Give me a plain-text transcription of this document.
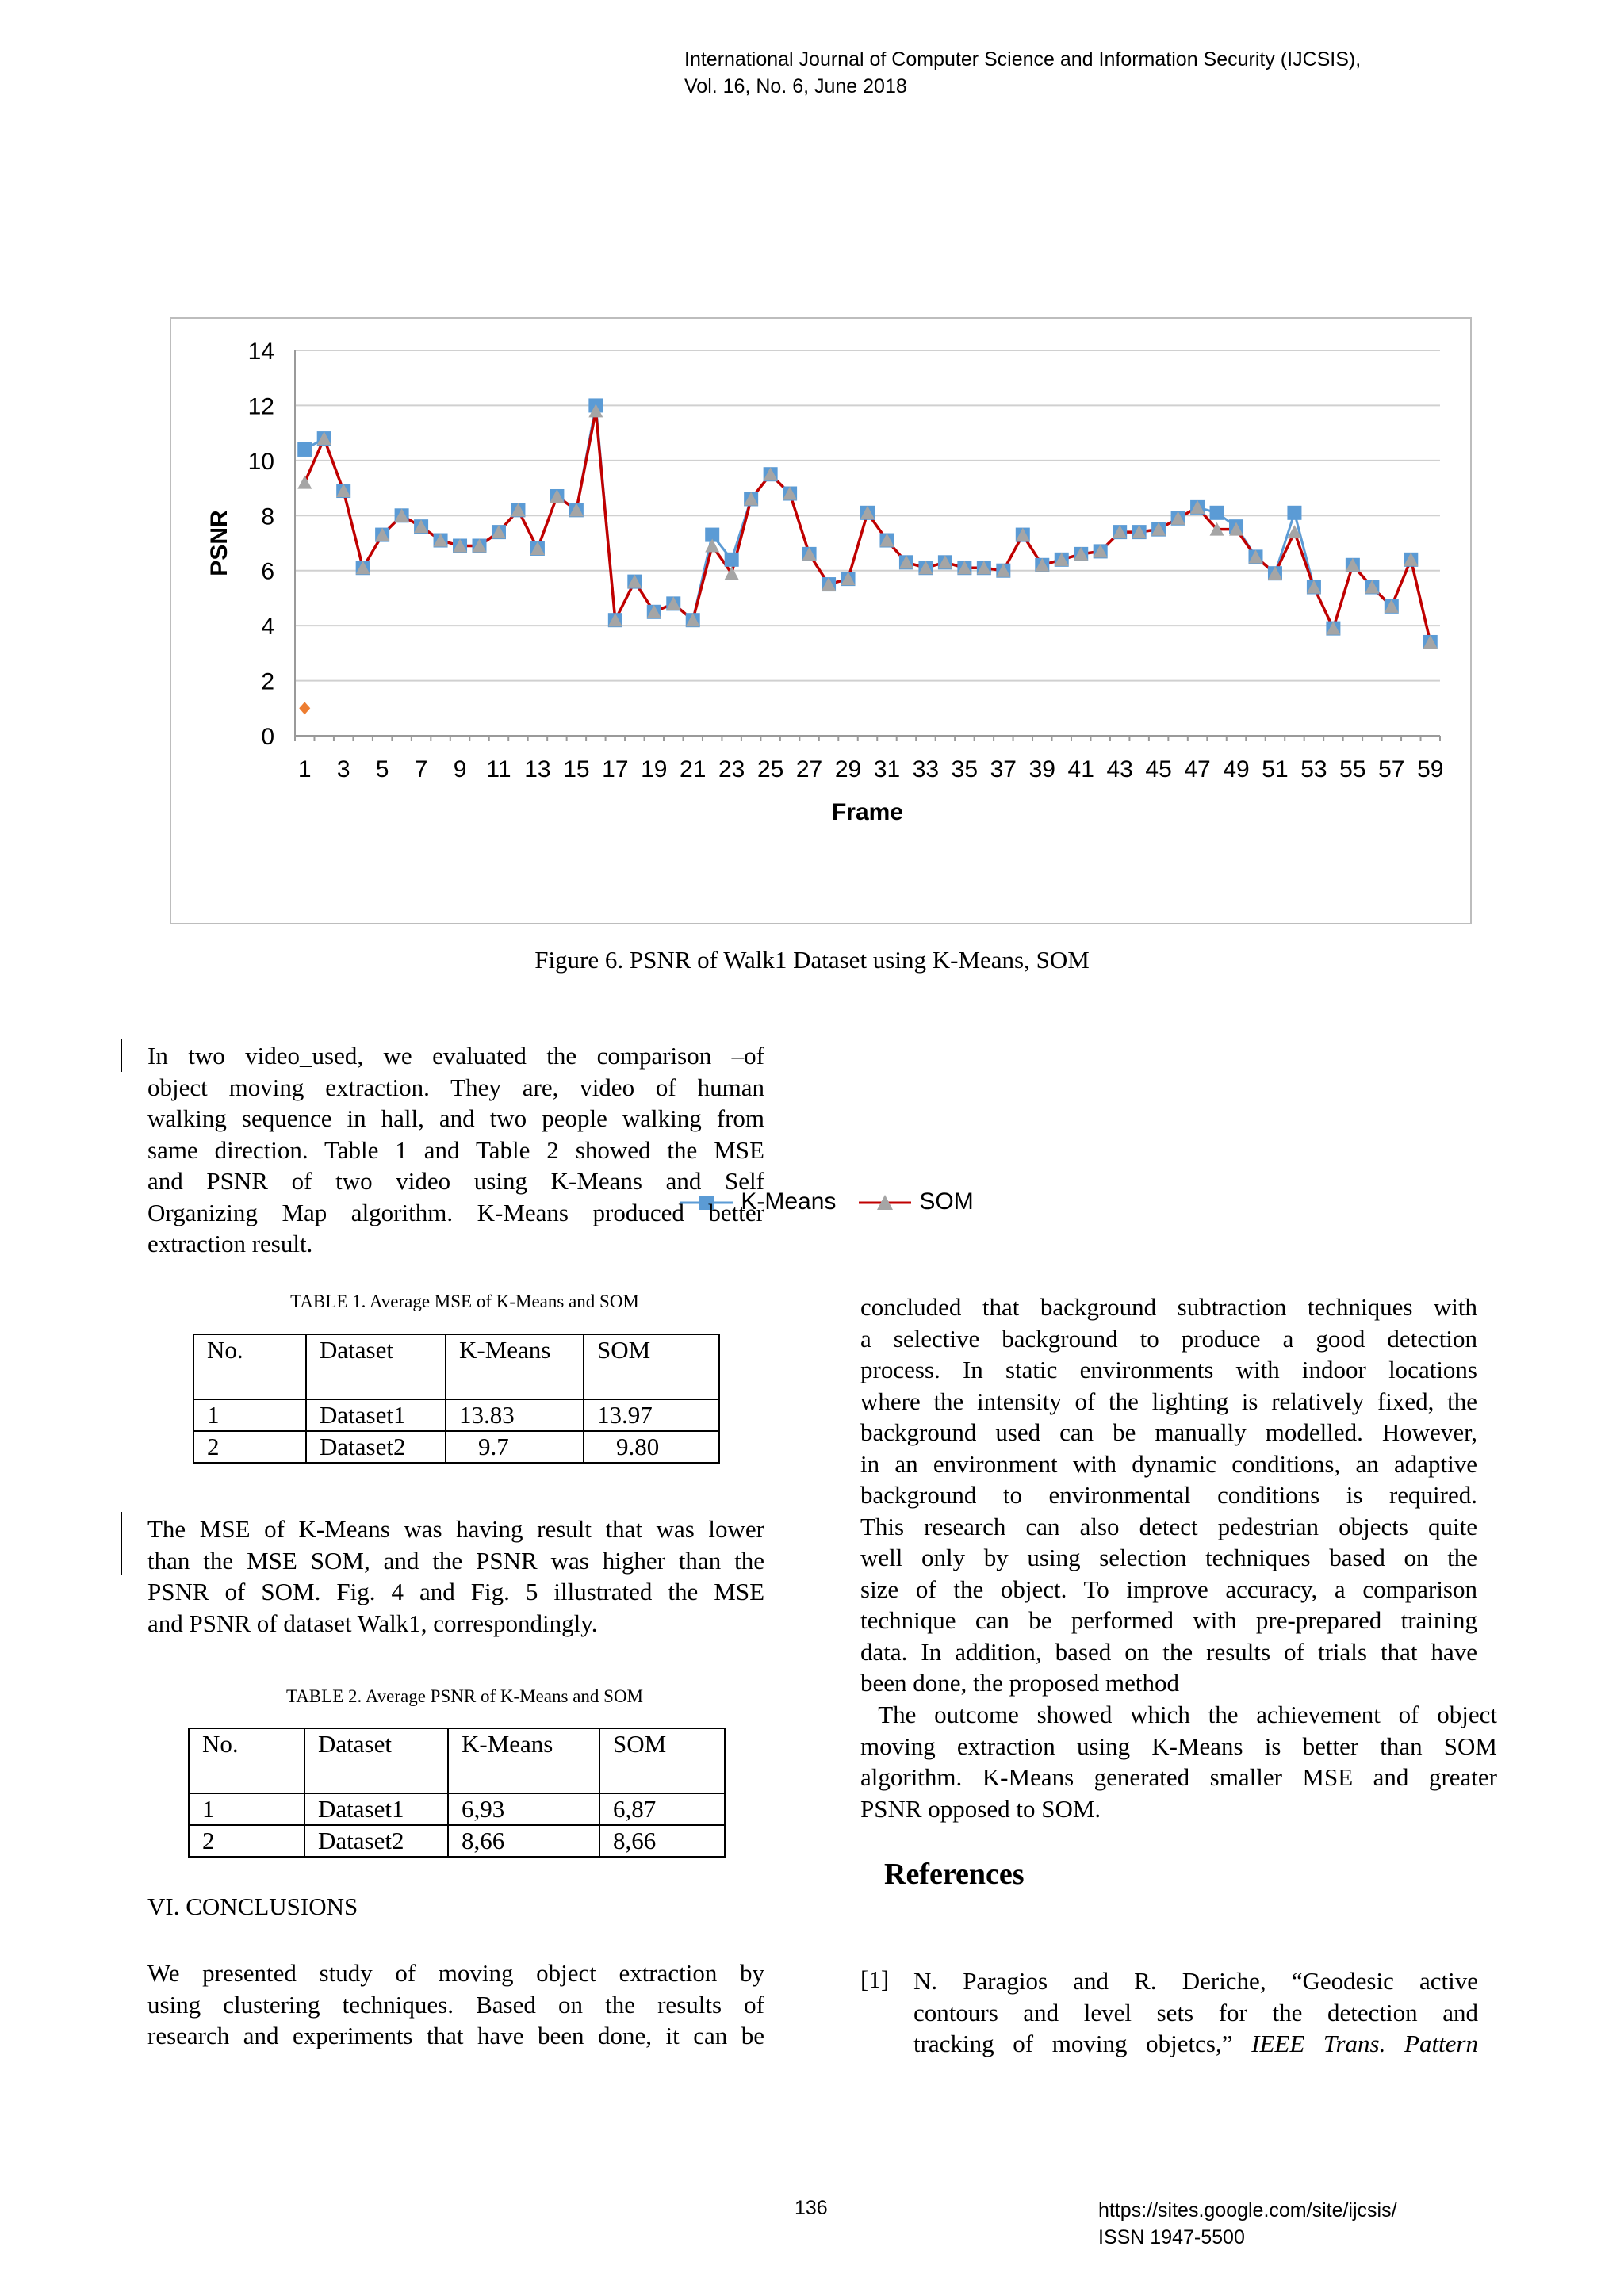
International Journal of Computer Science and Information Security (IJCSIS),
Vol. 16, No. 6, June 2018
0
2
4
6
8
10
12
14
1 3 5 7 9 11 13 15 17 19 21 23 25 27 29 31 33 35 37 39 41 43 45 47 49 51 53 55 57 59
Frame
PSNR
K-Means	SOM
Figure 6. PSNR of Walk1 Dataset using K-Means, SOM
In two video_used, we evaluated the comparison –of
object moving extraction. They are, video of human
walking sequence in hall, and two people walking from
same direction. Table 1 and Table 2 showed the MSE
and PSNR of two video using K-Means and Self
Organizing Map algorithm. K-Means produced better
extraction result.
TABLE 1. Average MSE of K-Means and SOM
No.	Dataset	K-Means	SOM
1	Dataset1	13.83	13.97
2	Dataset2	9.7	9.80
The MSE of K-Means was having result that was lower
than the MSE SOM, and the PSNR was higher than the
PSNR of SOM. Fig. 4 and Fig. 5 illustrated the MSE
and PSNR of dataset Walk1, correspondingly.
TABLE 2. Average PSNR of K-Means and SOM
No.	Dataset	K-Means	SOM
1	Dataset1	6,93	6,87
2	Dataset2	8,66	8,66
VI. CONCLUSIONS
We presented study of moving object extraction by
using clustering techniques. Based on the results of
research and experiments that have been done, it can be
concluded that background subtraction techniques with
a selective background to produce a good detection
process. In static environments with indoor locations
where the intensity of the lighting is relatively fixed, the
background used can be manually modelled. However,
in an environment with dynamic conditions, an adaptive
background to environmental conditions is required.
This research can also detect pedestrian objects quite
well only by using selection techniques based on the
size of the object. To improve accuracy, a comparison
technique can be performed with pre-prepared training
data. In addition, based on the results of trials that have
been done, the proposed method
The outcome showed which the achievement of object
moving extraction using K-Means is better than SOM
algorithm. K-Means generated smaller MSE and greater
PSNR opposed to SOM.
References
[1] N. Paragios and R. Deriche, “Geodesic active
contours and level sets for the detection and
tracking of moving objetcs,” IEEE Trans. Pattern
136	https://sites.google.com/site/ijcsis/
ISSN 1947-5500
